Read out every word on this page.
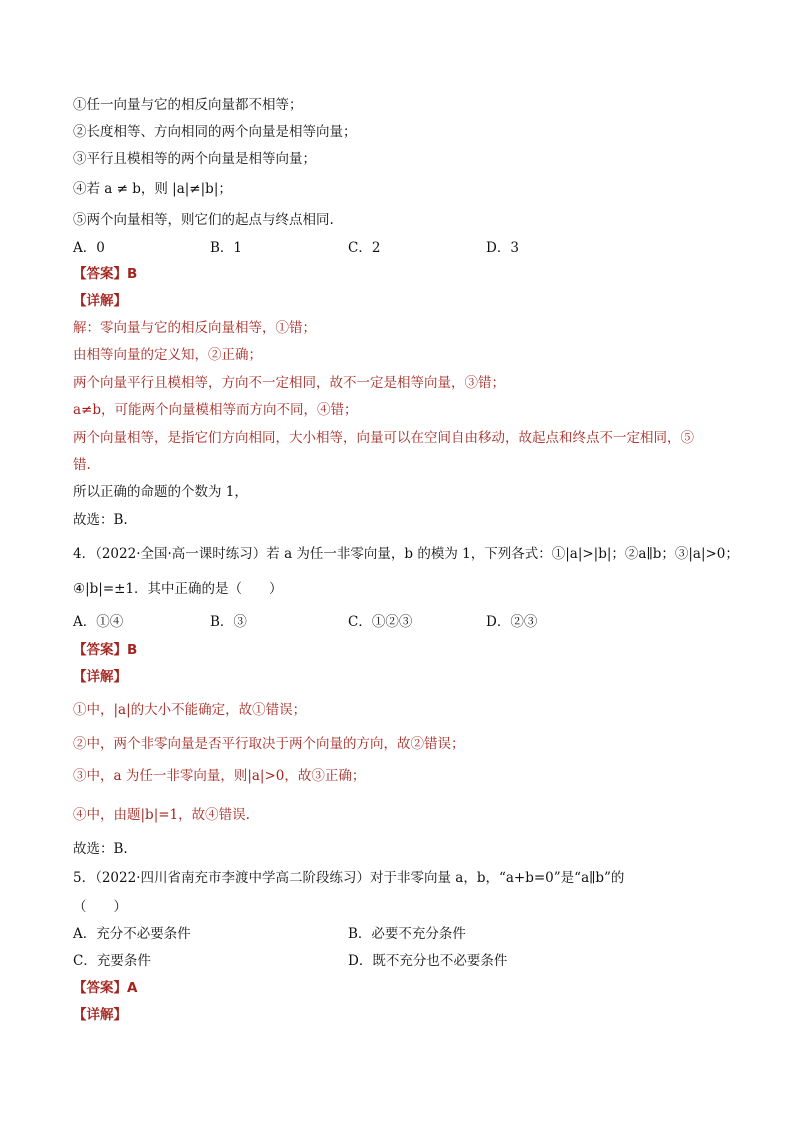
①任一向量与它的相反向量都不相等；
②长度相等、方向相同的两个向量是相等向量；
③平行且模相等的两个向量是相等向量；
④若 a ≠ b，则 |a|≠|b|；
⑤两个向量相等，则它们的起点与终点相同.
A．0	B．1	C．2	D．3
【答案】B
【详解】
解：零向量与它的相反向量相等，①错；
由相等向量的定义知，②正确；
两个向量平行且模相等，方向不一定相同，故不一定是相等向量，③错；
a≠b，可能两个向量模相等而方向不同，④错；
两个向量相等，是指它们方向相同，大小相等，向量可以在空间自由移动，故起点和终点不一定相同，⑤
错.
所以正确的命题的个数为 1，
故选：B.
4．（2022·全国·高一课时练习）若 a 为任一非零向量，b 的模为 1，下列各式：①|a|>|b|；②a∥b；③|a|>0；
④|b|=±1．其中正确的是（　　）
A．①④	B．③	C．①②③	D．②③
【答案】B
【详解】
①中，|a|的大小不能确定，故①错误；
②中，两个非零向量是否平行取决于两个向量的方向，故②错误；
③中，a 为任一非零向量，则|a|>0，故③正确；
④中，由题|b|=1，故④错误.
故选：B.
5．（2022·四川省南充市李渡中学高二阶段练习）对于非零向量 a，b，“a+b=0”是“a∥b”的
（　　）
A．充分不必要条件	B．必要不充分条件
C．充要条件	D．既不充分也不必要条件
【答案】A
【详解】
